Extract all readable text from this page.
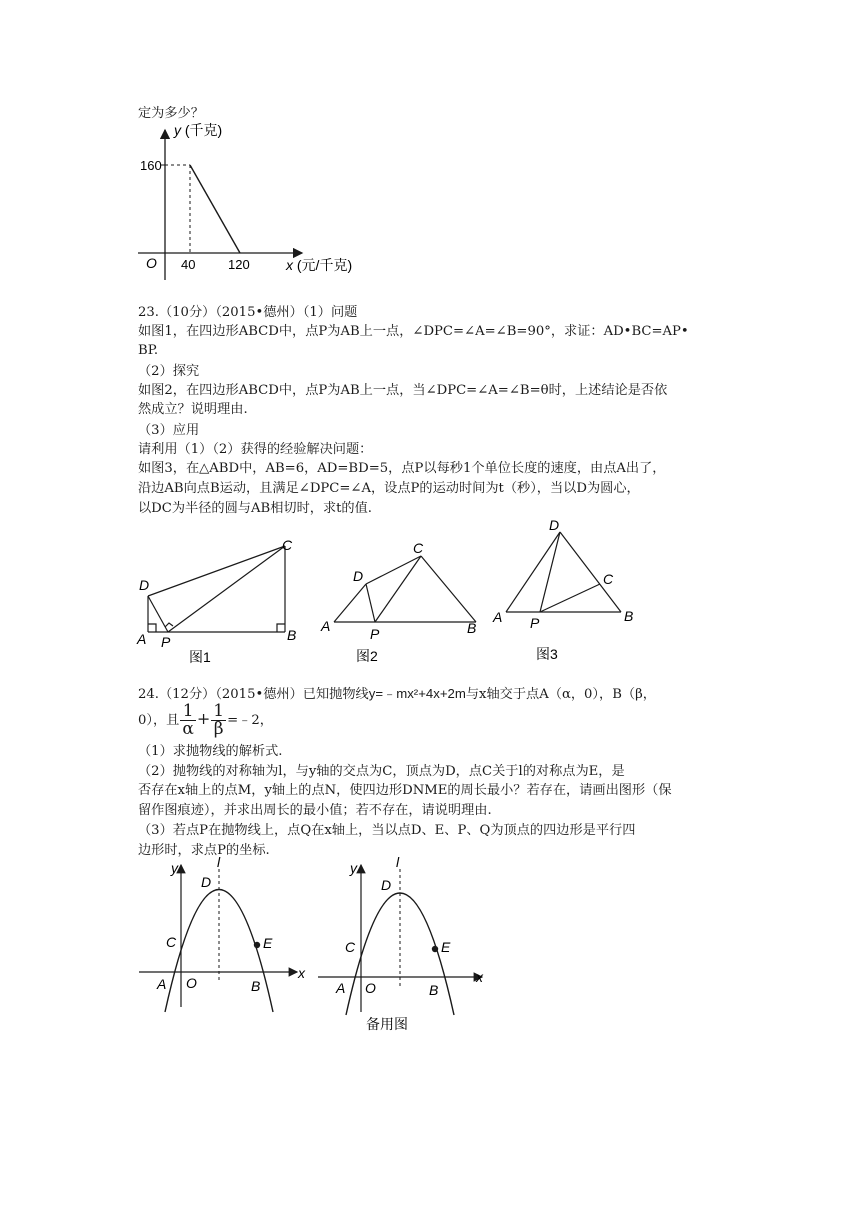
定为多少？
y (千克)
x (元/千克)
O
160
40	120
23.（10分）（2015•德州）（1）问题
如图1，在四边形ABCD中，点P为AB上一点，∠DPC=∠A=∠B=90°，求证：AD•BC=AP•
BP.
（2）探究
如图2，在四边形ABCD中，点P为AB上一点，当∠DPC=∠A=∠B=θ时，上述结论是否依
然成立？说明理由.
（3）应用
请利用（1）（2）获得的经验解决问题：
如图3，在△ABD中，AB=6，AD=BD=5，点P以每秒1个单位长度的速度，由点A出了，
沿边AB向点B运动，且满足∠DPC=∠A，设点P的运动时间为t（秒），当以D为圆心，
以DC为半径的圆与AB相切时，求t的值.
D
C
A P	B
图1
D
C
A	P	B
图2
D
C
A P	B
图3
24.（12分）（2015•德州）已知抛物线y=﹣mx²+4x+2m与x轴交于点A（α，0），B（β，
0），且 $\frac{1}{\alpha} + \frac{1}{\beta}$ =﹣2，
（1）求抛物线的解析式.
（2）抛物线的对称轴为l，与y轴的交点为C，顶点为D，点C关于l的对称点为E，是
否存在x轴上的点M，y轴上的点N，使四边形DNME的周长最小？若存在，请画出图形（保
留作图痕迹），并求出周长的最小值；若不存在，请说明理由.
（3）若点P在抛物线上，点Q在x轴上，当以点D、E、P、Q为顶点的四边形是平行四
边形时，求点P的坐标.
y	l
D
C	E
x
A O	B
y	l
D
C	E
x
A O	B
备用图
